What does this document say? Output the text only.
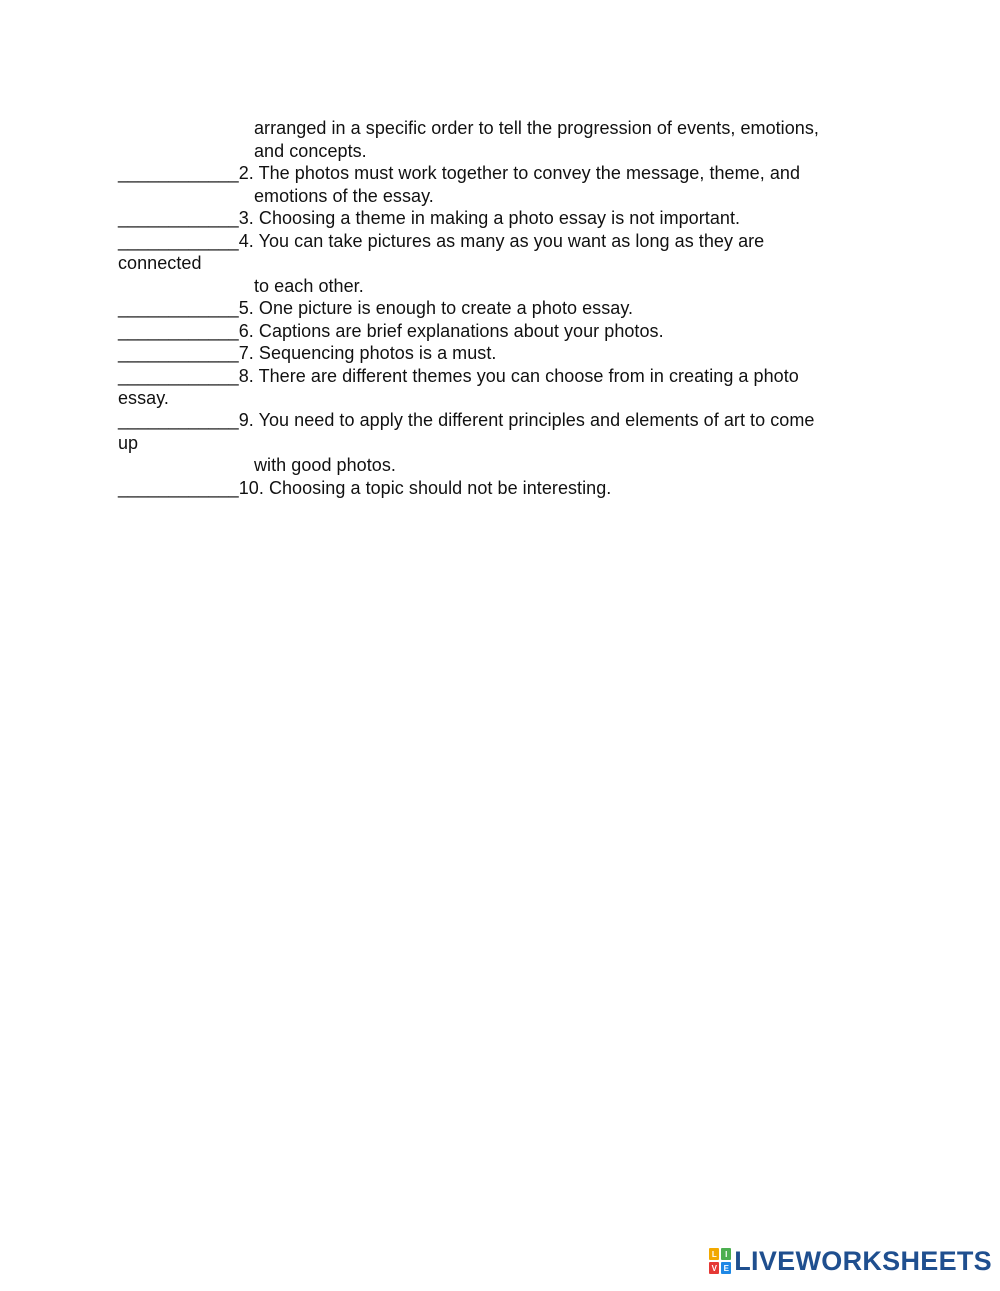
arranged in a specific order to tell the progression of events, emotions,
and concepts.
____________2. The photos must work together to convey the message, theme, and
emotions of the essay.
____________3. Choosing a theme in making a photo essay is not important.
____________4. You can take pictures as many as you want as long as they are
connected
to each other.
____________5. One picture is enough to create a photo essay.
____________6. Captions are brief explanations about your photos.
____________7. Sequencing photos is a must.
____________8. There are different themes you can choose from in creating a photo
essay.
____________9. You need to apply the different principles and elements of art to come
up
with good photos.
____________10. Choosing a topic should not be interesting.
L	I
V E LIVEWORKSHEETS
